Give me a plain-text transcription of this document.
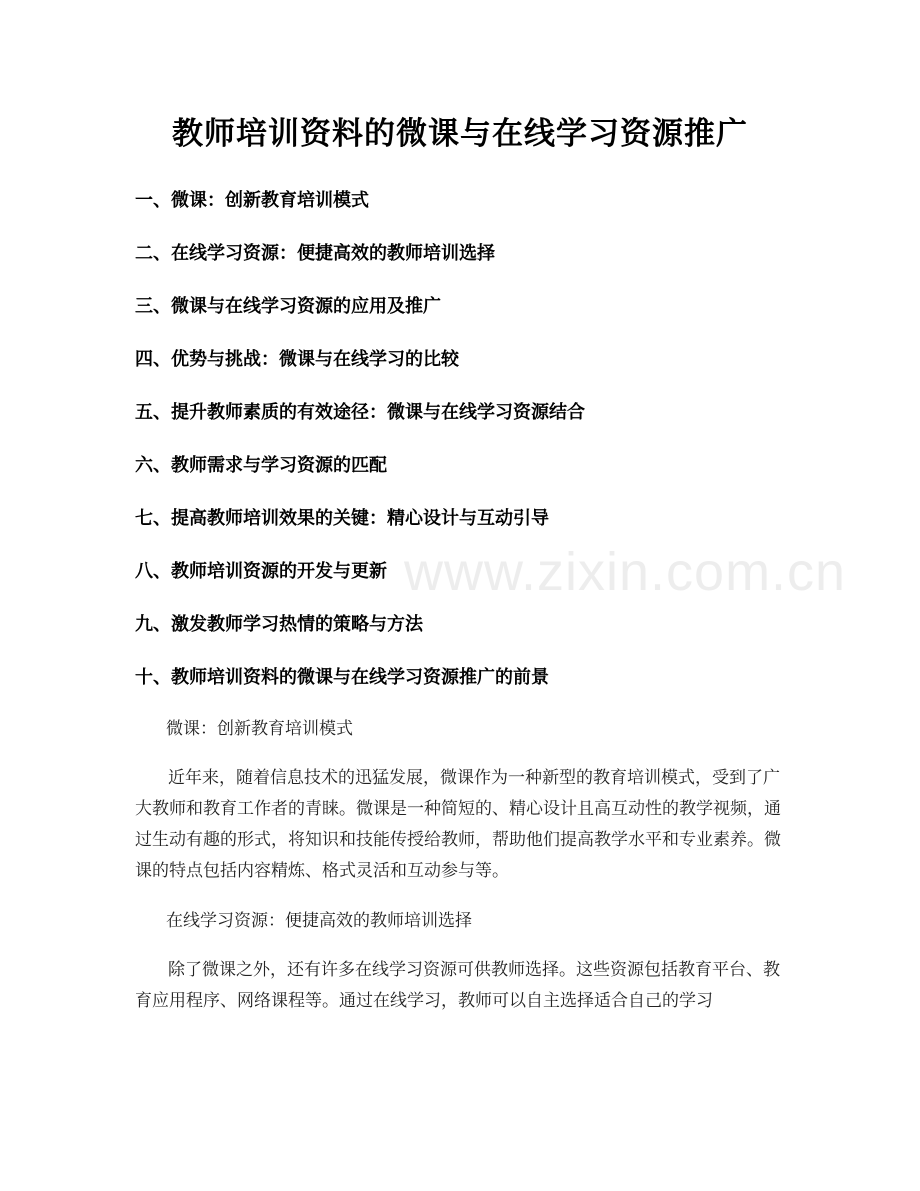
教师培训资料的微课与在线学习资源推广
一、微课：创新教育培训模式
二、在线学习资源：便捷高效的教师培训选择
三、微课与在线学习资源的应用及推广
四、优势与挑战：微课与在线学习的比较
五、提升教师素质的有效途径：微课与在线学习资源结合
六、教师需求与学习资源的匹配
七、提高教师培训效果的关键：精心设计与互动引导
八、教师培训资源的开发与更新
九、激发教师学习热情的策略与方法
十、教师培训资料的微课与在线学习资源推广的前景

微课：创新教育培训模式

近年来，随着信息技术的迅猛发展，微课作为一种新型的教育培训模式，受到了广大教师和教育工作者的青睐。微课是一种简短的、精心设计且高互动性的教学视频，通过生动有趣的形式，将知识和技能传授给教师，帮助他们提高教学水平和专业素养。微课的特点包括内容精炼、格式灵活和互动参与等。

在线学习资源：便捷高效的教师培训选择

除了微课之外，还有许多在线学习资源可供教师选择。这些资源包括教育平台、教育应用程序、网络课程等。通过在线学习，教师可以自主选择适合自己的学习

www.zixin.com.cn
